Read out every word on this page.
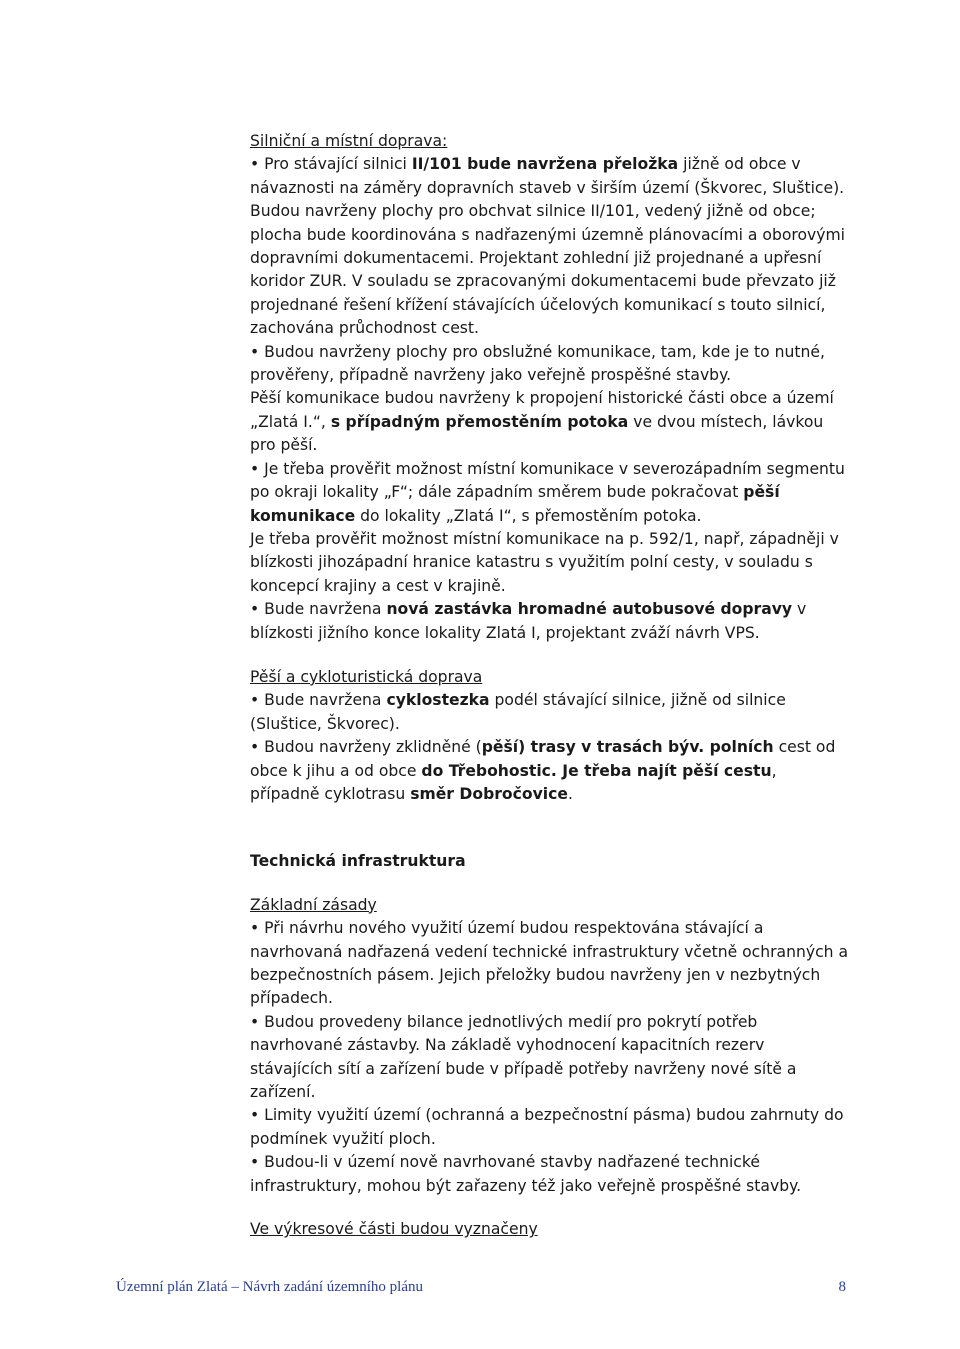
Silniční a místní doprava:

• Pro stávající silnici II/101 bude navržena přeložka jižně od obce v návaznosti na záměry dopravních staveb v širším území (Škvorec, Sluštice). Budou navrženy plochy pro obchvat silnice II/101, vedený jižně od obce; plocha bude koordinována s nadřazenými územně plánovacími a oborovými dopravními dokumentacemi. Projektant zohlední již projednané a upřesní koridor ZUR. V souladu se zpracovanými dokumentacemi bude převzato již projednané řešení křížení stávajících účelových komunikací s touto silnicí, zachována průchodnost cest.

• Budou navrženy plochy pro obslužné komunikace, tam, kde je to nutné, prověřeny, případně navrženy jako veřejně prospěšné stavby.

Pěší komunikace budou navrženy k propojení historické části obce a území „Zlatá I.“, s případným přemostěním potoka ve dvou místech, lávkou pro pěší.

• Je třeba prověřit možnost místní komunikace v severozápadním segmentu po okraji lokality „F“; dále západním směrem bude pokračovat pěší komunikace do lokality „Zlatá I“, s přemostěním potoka.

Je třeba prověřit možnost místní komunikace na p. 592/1, např, západněji v blízkosti jihozápadní hranice katastru s využitím polní cesty, v souladu s koncepcí krajiny a cest v krajině.

• Bude navržena nová zastávka hromadné autobusové dopravy v blízkosti jižního konce lokality Zlatá I, projektant zváží návrh VPS.

Pěší a cykloturistická doprava

• Bude navržena cyklostezka podél stávající silnice, jižně od silnice (Sluštice, Škvorec).

• Budou navrženy zklidněné (pěší) trasy v trasách býv. polních cest od obce k jihu a od obce do Třebohostic. Je třeba najít pěší cestu, případně cyklotrasu směr Dobročovice.

Technická infrastruktura

Základní zásady

• Při návrhu nového využití území budou respektována stávající a navrhovaná nadřazená vedení technické infrastruktury včetně ochranných a bezpečnostních pásem. Jejich přeložky budou navrženy jen v nezbytných případech.

• Budou provedeny bilance jednotlivých medií pro pokrytí potřeb navrhované zástavby. Na základě vyhodnocení kapacitních rezerv stávajících sítí a zařízení bude v případě potřeby navrženy nové sítě a zařízení.

• Limity využití území (ochranná a bezpečnostní pásma) budou zahrnuty do podmínek využití ploch.

• Budou-li v území nově navrhované stavby nadřazené technické infrastruktury, mohou být zařazeny též jako veřejně prospěšné stavby.

Ve výkresové části budou vyznačeny

Územní plán Zlatá – Návrh zadání územního plánu	8
